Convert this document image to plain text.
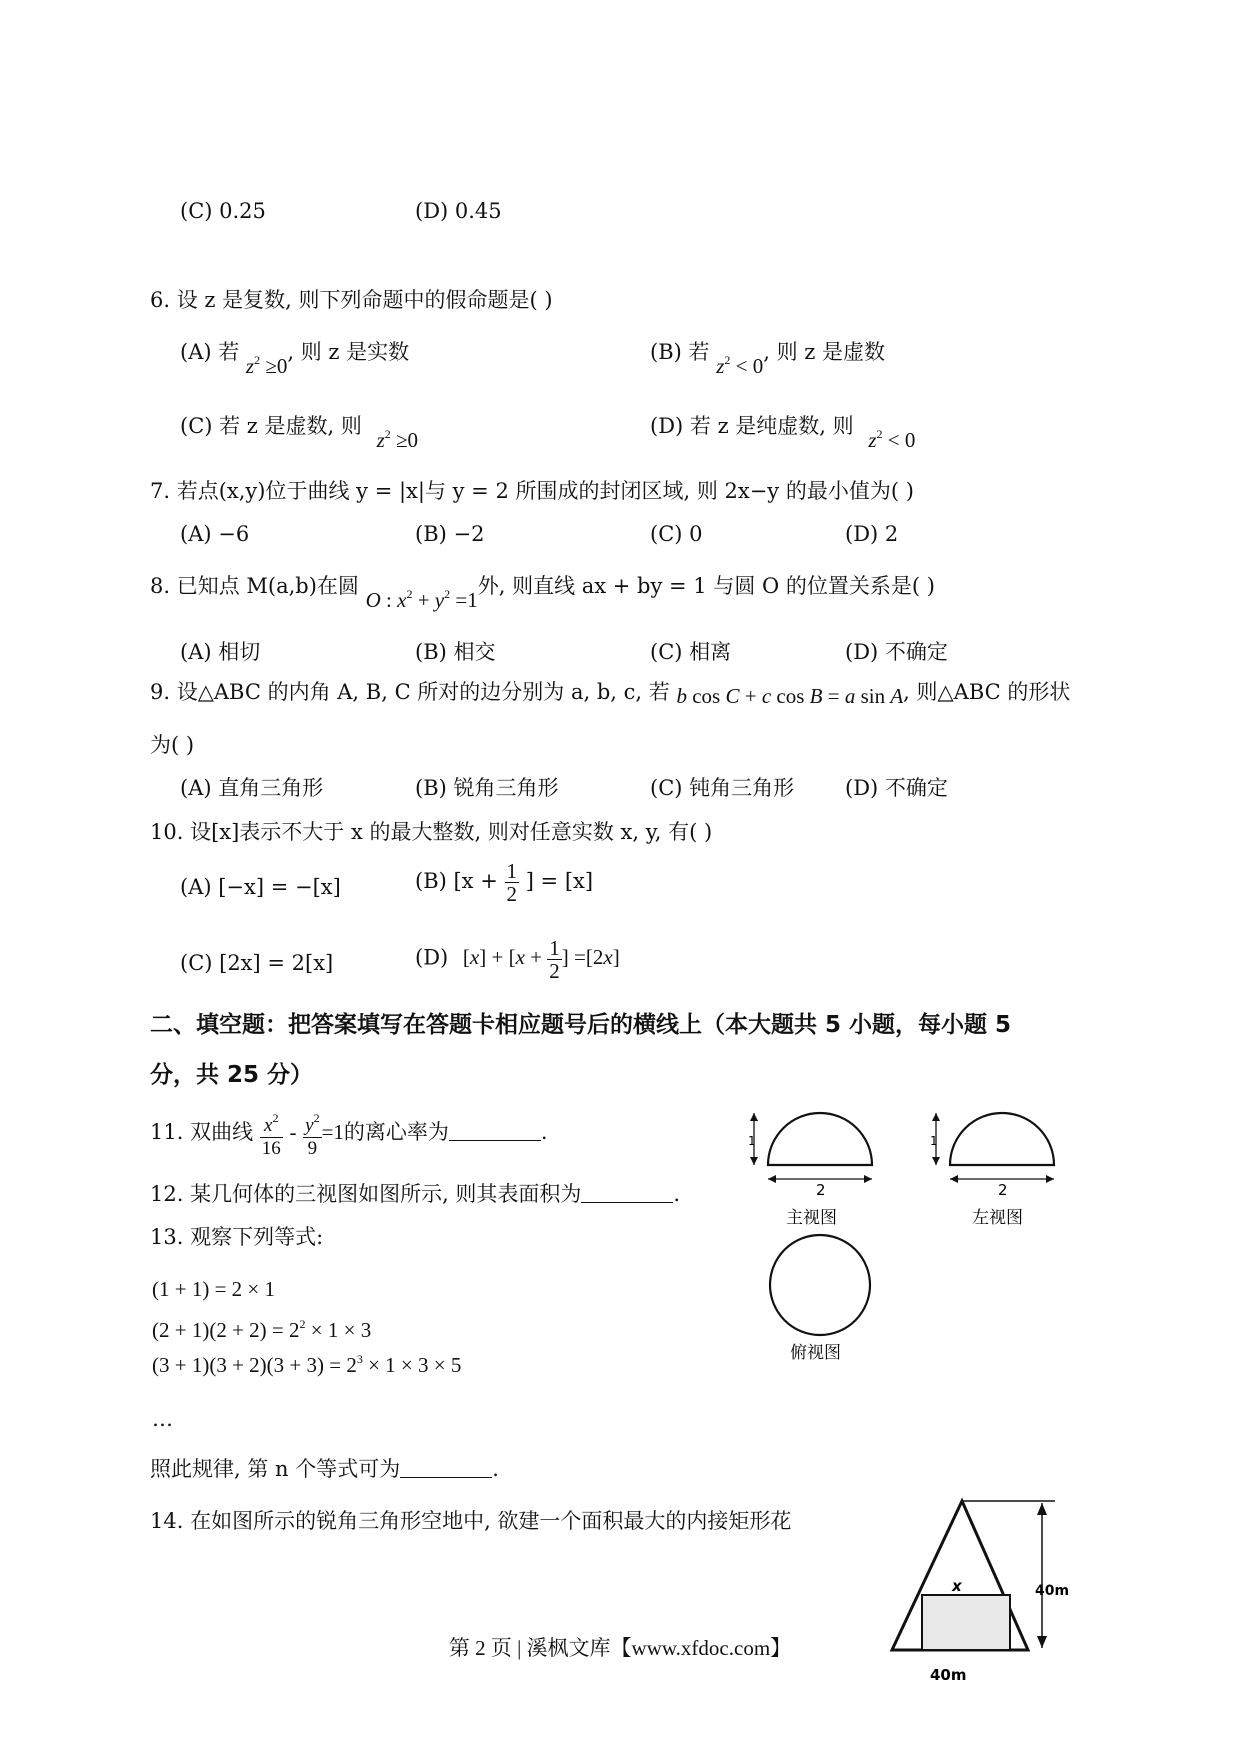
(C) 0.25	(D) 0.45
6. 设 z 是复数, 则下列命题中的假命题是( )
(A) 若 $z^2 \ge 0$, 则 z 是实数	(B) 若 $z^2 < 0$, 则 z 是虚数
(C) 若 z 是虚数, 则 $z^2 \ge 0$
(D) 若 z 是纯虚数, 则 $z^2 < 0$
7. 若点(x,y)位于曲线 y = |x|与 y = 2 所围成的封闭区域, 则 2x−y 的最小值为( )
(A) −6	(B) −2	(C) 0	(D) 2
8. 已知点 M(a,b)在圆 O : $x^2 + y^2 =1$外, 则直线 ax + by = 1 与圆 O 的位置关系是( )
(A) 相切	(B) 相交	(C) 相离	(D) 不确定
9. 设△ABC 的内角 A, B, C 所对的边分别为 a, b, c, 若 b cos C + c cos B = a sin A, 则△ABC 的形状
为( )
(A) 直角三角形	(B) 锐角三角形	(C) 钝角三角形 (D) 不确定
10. 设[x]表示不大于 x 的最大整数, 则对任意实数 x, y, 有( )
(A) [−x] = −[x]	(B) [$x + \frac{1}{2}$ ] = [x]
(C) [2x] = 2[x]	(D) $[x] + [x + \frac{1}{2}$ ] =[2x]
二、填空题：把答案填写在答题卡相应题号后的横线上（本大题共 5 小题，每小题 5
分，共 25 分）
11. 双曲线 $\frac{x^2}{16} - \frac{y^2}{9} =1$的离心率为	.
12. 某几何体的三视图如图所示, 则其表面积为	.
13. 观察下列等式:
(1 + 1) = 2 × 1
$(2 + 1)(2 + 2) = 2^2 \times 1 \times 3$
$(3 + 1)(3 + 2)(3 + 3) = 2^3 \times 1 \times 3 \times 5$
…
照此规律, 第 n 个等式可为	.
14. 在如图所示的锐角三角形空地中, 欲建一个面积最大的内接矩形花
1
2
主视图
1
2
左视图
俯视图
x	40m
40m
第 2 页 | 溪枫文库【www.xfdoc.com】
